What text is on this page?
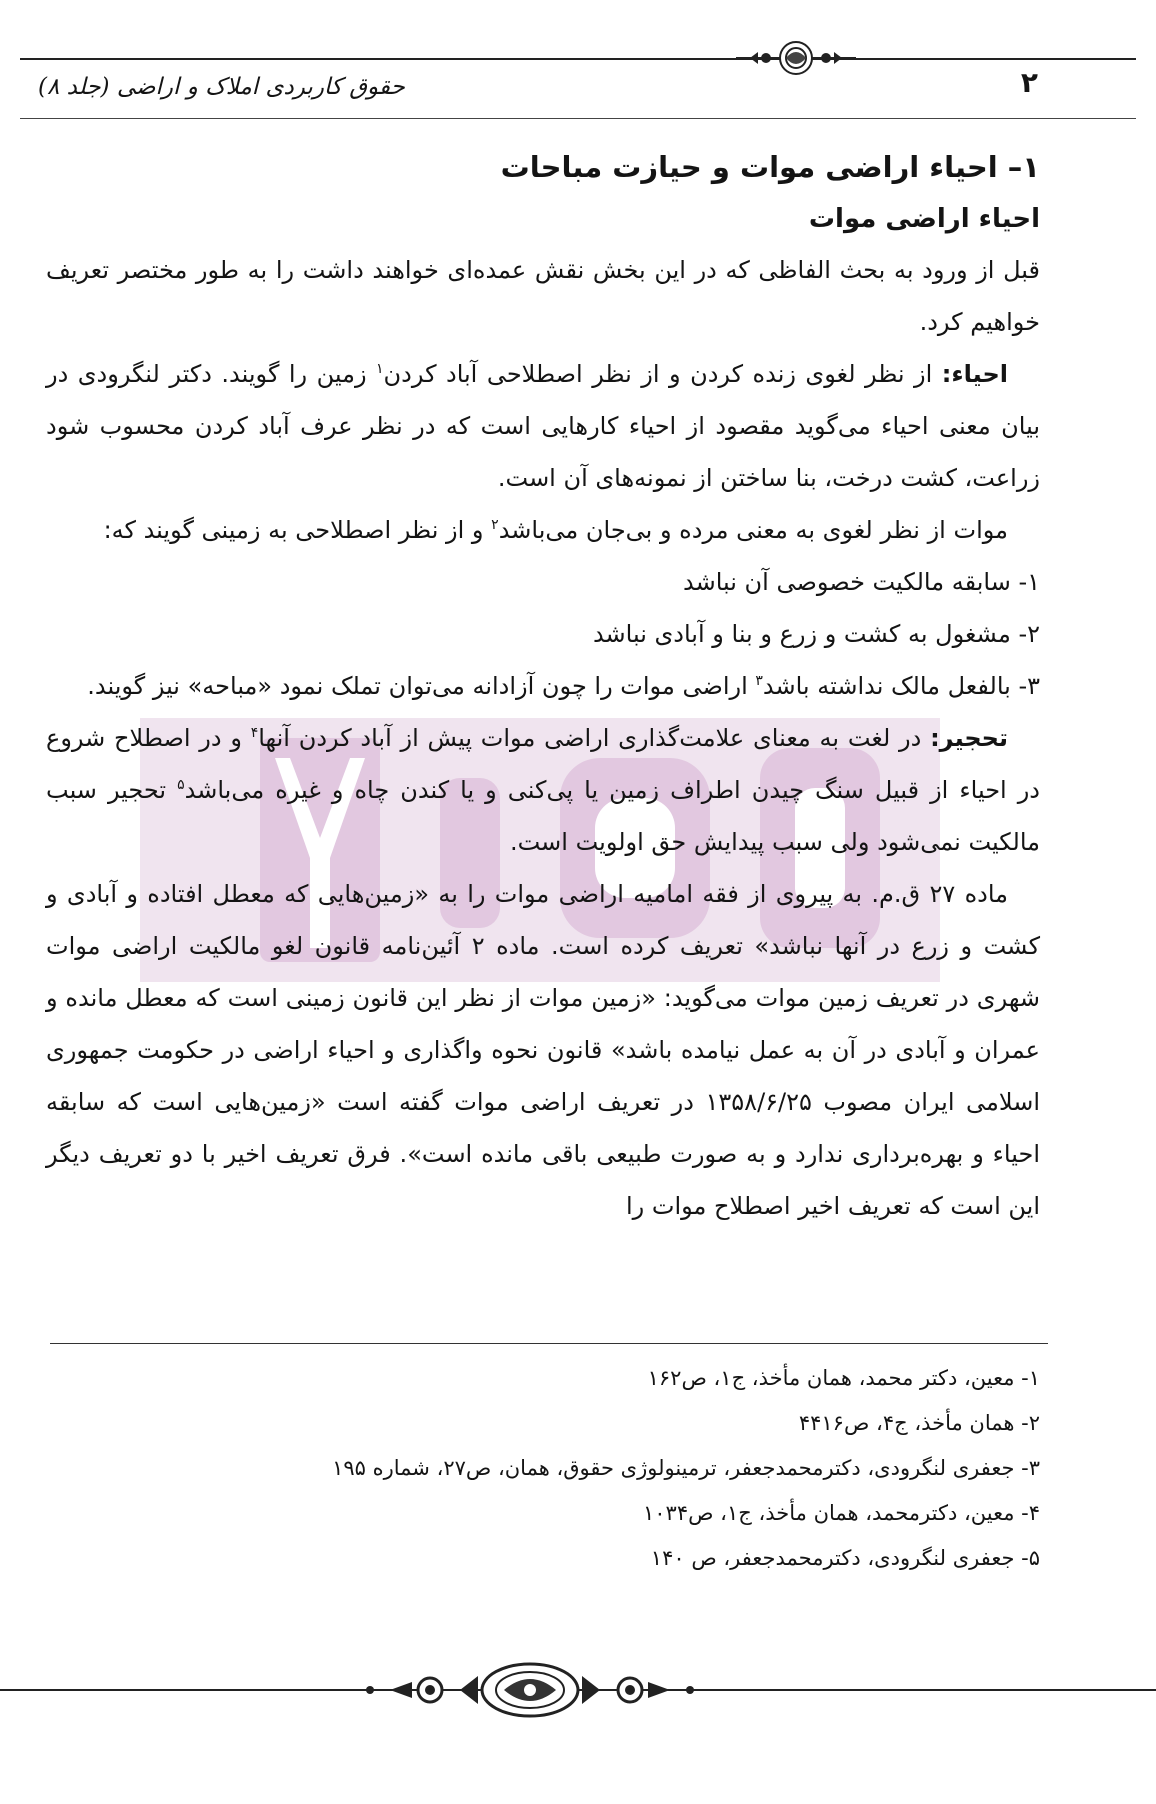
۲
حقوق کاربردی املاک و اراضی (جلد ۸)
۱– احیاء اراضی موات و حیازت مباحات
احیاء اراضی موات

قبل از ورود به بحث الفاظی که در این بخش نقش عمده‌ای خواهند داشت را به طور مختصر تعریف خواهیم کرد.

احیاء: از نظر لغوی زنده کردن و از نظر اصطلاحی آباد کردن$^۱$ زمین را گویند. دکتر لنگرودی در بیان معنی احیاء می‌گوید مقصود از احیاء کارهایی است که در نظر عرف آباد کردن محسوب شود زراعت، کشت درخت، بنا ساختن از نمونه‌های آن است.

موات از نظر لغوی به معنی مرده و بی‌جان می‌باشد$^۲$ و از نظر اصطلاحی به زمینی گویند که:

۱- سابقه مالکیت خصوصی آن نباشد

۲- مشغول به کشت و زرع و بنا و آبادی نباشد

۳- بالفعل مالک نداشته باشد$^۳$ اراضی موات را چون آزادانه می‌توان تملک نمود «مباحه» نیز گویند.

تحجیر: در لغت به معنای علامت‌گذاری اراضی موات پیش از آباد کردن آنها$^۴$ و در اصطلاح شروع در احیاء از قبیل سنگ چیدن اطراف زمین یا پی‌کنی و یا کندن چاه و غیره می‌باشد$^۵$ تحجیر سبب مالکیت نمی‌شود ولی سبب پیدایش حق اولویت است.

ماده ۲۷ ق.م. به پیروی از فقه امامیه اراضی موات را به «زمین‌هایی که معطل افتاده و آبادی و کشت و زرع در آنها نباشد» تعریف کرده است. ماده ۲ آئین‌نامه قانون لغو مالکیت اراضی موات شهری در تعریف زمین موات می‌گوید: «زمین موات از نظر این قانون زمینی است که معطل مانده و عمران و آبادی در آن به عمل نیامده باشد» قانون نحوه واگذاری و احیاء اراضی در حکومت جمهوری اسلامی ایران مصوب ۱۳۵۸/۶/۲۵ در تعریف اراضی موات گفته است «زمین‌هایی است که سابقه احیاء و بهره‌برداری ندارد و به صورت طبیعی باقی مانده است». فرق تعریف اخیر با دو تعریف دیگر این است که تعریف اخیر اصطلاح موات را

۱- معین، دکتر محمد، همان مأخذ، ج۱، ص۱۶۲

۲- همان مأخذ، ج۴، ص۴۴۱۶

۳- جعفری لنگرودی، دکترمحمدجعفر، ترمینولوژی حقوق، همان، ص۲۷، شماره ۱۹۵

۴- معین، دکترمحمد، همان مأخذ، ج۱، ص۱۰۳۴

۵- جعفری لنگرودی، دکترمحمدجعفر، ص ۱۴۰
